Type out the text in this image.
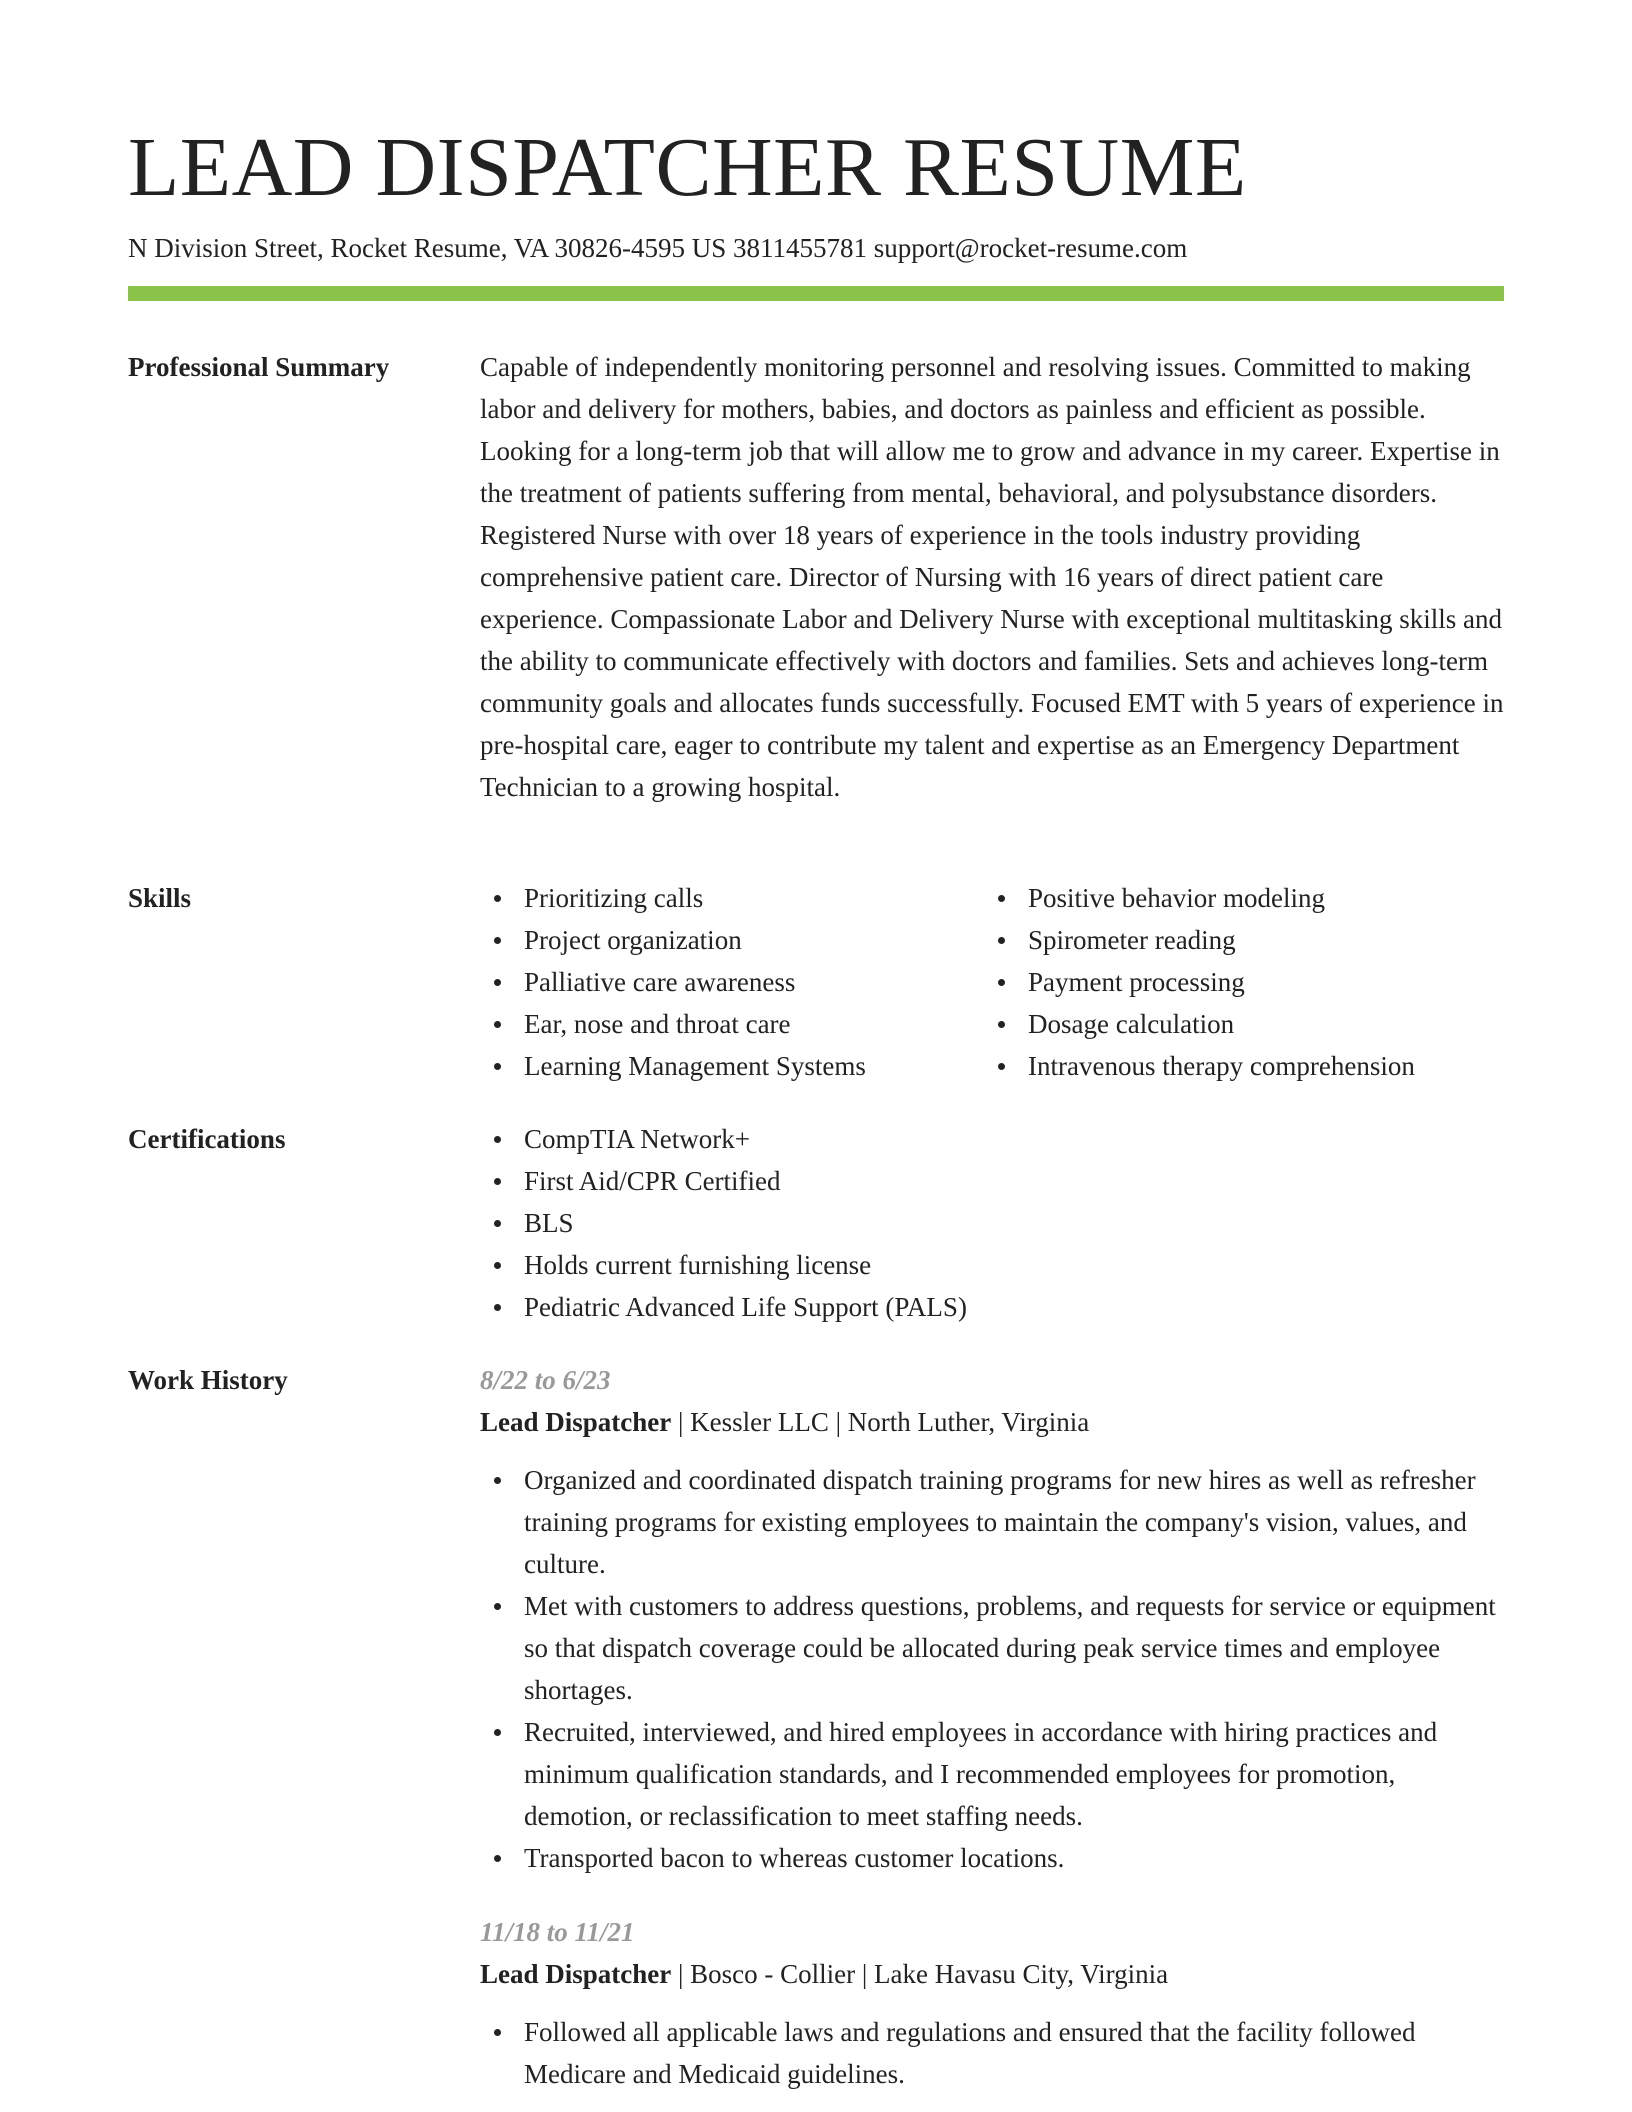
LEAD DISPATCHER RESUME
N Division Street, Rocket Resume, VA 30826-4595 US 3811455781 support@rocket-resume.com
Professional Summary	Capable of independently monitoring personnel and resolving issues. Committed to making labor and delivery for mothers, babies, and doctors as painless and efficient as possible. Looking for a long-term job that will allow me to grow and advance in my career. Expertise in the treatment of patients suffering from mental, behavioral, and polysubstance disorders. Registered Nurse with over 18 years of experience in the tools industry providing comprehensive patient care. Director of Nursing with 16 years of direct patient care experience. Compassionate Labor and Delivery Nurse with exceptional multitasking skills and the ability to communicate effectively with doctors and families. Sets and achieves long-term community goals and allocates funds successfully. Focused EMT with 5 years of experience in pre-hospital care, eager to contribute my talent and expertise as an Emergency Department Technician to a growing hospital.

Skills	Prioritizing calls
Project organization
Palliative care awareness
Ear, nose and throat care
Learning Management Systems
Positive behavior modeling
Spirometer reading
Payment processing
Dosage calculation
Intravenous therapy comprehension
Certifications	CompTIA Network+
First Aid/CPR Certified
BLS
Holds current furnishing license
Pediatric Advanced Life Support (PALS)
Work History	8/22 to 6/23
Lead Dispatcher | Kessler LLC | North Luther, Virginia
Organized and coordinated dispatch training programs for new hires as well as refresher training programs for existing employees to maintain the company's vision, values, and culture.
Met with customers to address questions, problems, and requests for service or equipment so that dispatch coverage could be allocated during peak service times and employee shortages.
Recruited, interviewed, and hired employees in accordance with hiring practices and minimum qualification standards, and I recommended employees for promotion, demotion, or reclassification to meet staffing needs.
Transported bacon to whereas customer locations.
11/18 to 11/21
Lead Dispatcher | Bosco - Collier | Lake Havasu City, Virginia
Followed all applicable laws and regulations and ensured that the facility followed Medicare and Medicaid guidelines.
